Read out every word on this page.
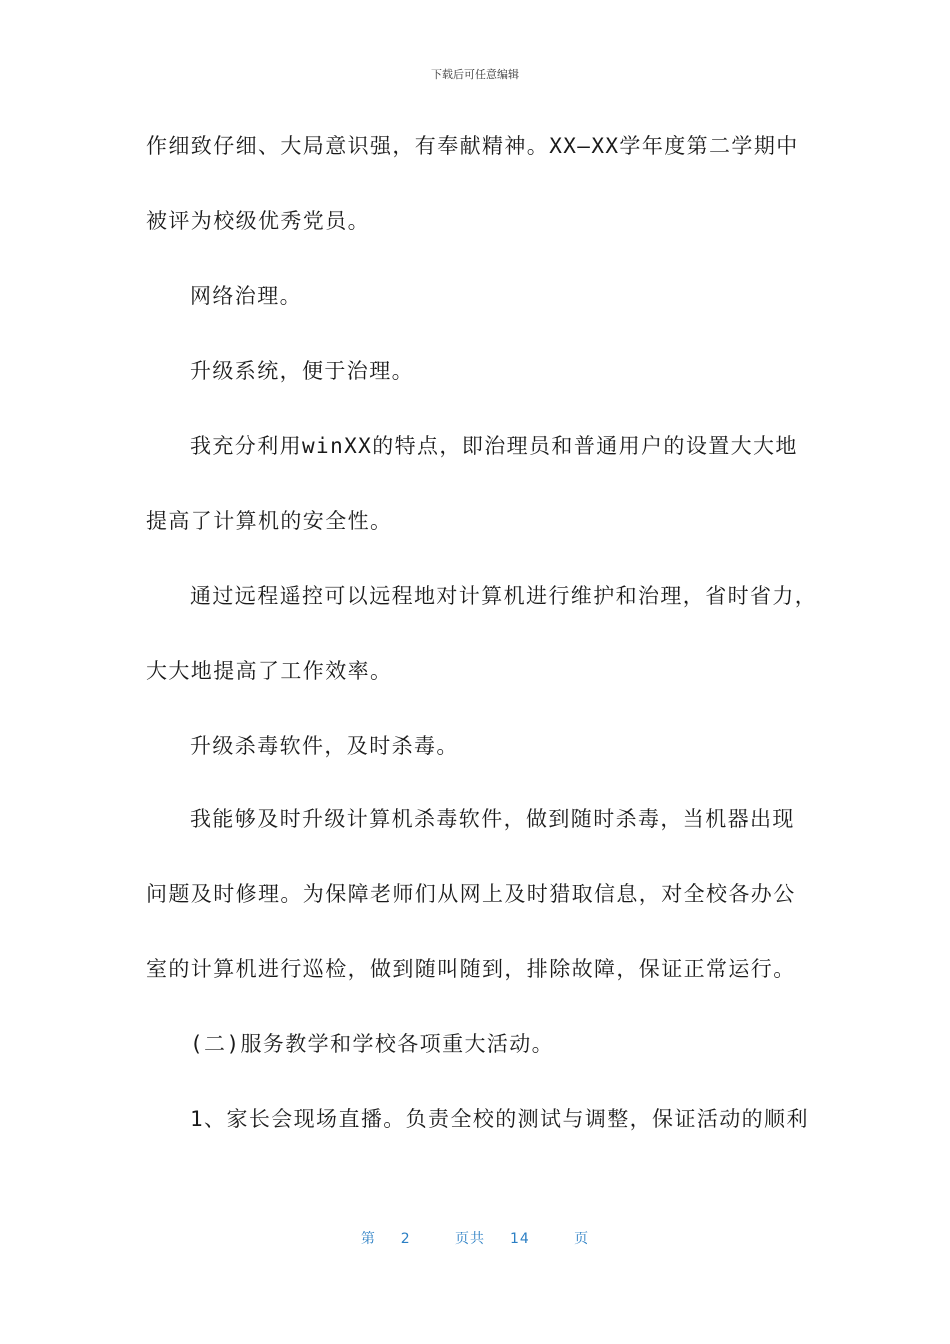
下载后可任意编辑
作细致仔细、大局意识强，有奉献精神。XX—XX学年度第二学期中
被评为校级优秀党员。
网络治理。
升级系统，便于治理。
我充分利用winXX的特点，即治理员和普通用户的设置大大地
提高了计算机的安全性。
通过远程遥控可以远程地对计算机进行维护和治理，省时省力，
大大地提高了工作效率。
升级杀毒软件，及时杀毒。
我能够及时升级计算机杀毒软件，做到随时杀毒，当机器出现
问题及时修理。为保障老师们从网上及时猎取信息，对全校各办公
室的计算机进行巡检，做到随叫随到，排除故障，保证正常运行。
(二)服务教学和学校各项重大活动。
1、家长会现场直播。负责全校的测试与调整，保证活动的顺利
第 2	页共 14	页
